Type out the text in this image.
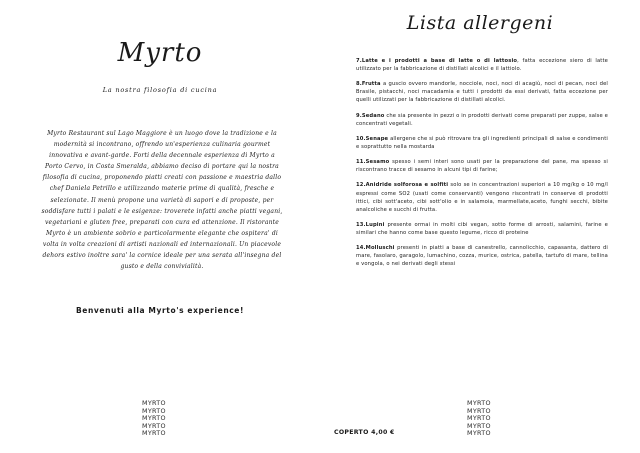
Myrto
La nostra filosofia di cucina
Myrto Restaurant sul Lago Maggiore è un luogo dove la tradizione e la modernità si incontrano, offrendo un'esperienza culinaria gourmet innovativa e avant-garde. Forti della decennale esperienza di Myrto a Porto Cervo, in Costa Smeralda, abbiamo deciso di portare qui la nostra filosofia di cucina, proponendo piatti creati con passione e maestria dallo chef Daniela Petrillo e utilizzando materie prime di qualità, fresche e selezionate. Il menù propone una varietà di sapori e di proposte, per soddisfare tutti i palati e le esigenze: troverete infatti anche piatti vegani, vegetariani e gluten free, preparati con cura ed attenzione. Il ristorante Myrto è un ambiente sobrio e particolarmente elegante che ospitera' di volta in volta creazioni di artisti nazionali ed internazionali. Un piacevole dehors estivo inoltre sara' la cornice ideale per una serata all'insegna del gusto e della convivialità.
Benvenuti alla Myrto's experience!
MYRTO
MYRTO
MYRTO
MYRTO
MYRTO
Lista allergeni
7.Latte e i prodotti a base di latte o di lattosio, fatta eccezione siero di latte utilizzato per la fabbricazione di distillati alcolici e il lattiolo.
8.Frutta a guscio ovvero mandorle, nocciole, noci, noci di acagiù, noci di pecan, noci del Brasile, pistacchi, noci macadamia e tutti i prodotti da essi derivati, fatta eccezione per quelli utilizzati per la fabbricazione di distillati alcolici.
9.Sedano che sia presente in pezzi o in prodotti derivati come preparati per zuppe, salse e concentrati vegetali.
10.Senape allergene che si può ritrovare tra gli ingredienti principali di salse e condimenti e soprattutto nella mostarda
11.Sesamo spesso i semi interi sono usati per la preparazione del pane, ma spesso si riscontrano tracce di sesamo in alcuni tipi di farine;
12.Anidride solforosa e solfiti solo se in concentrazioni superiori a 10 mg/kg o 10 mg/l espressi come SO2 (usati come conservanti) vengono riscontrati in conserve di prodotti ittici, cibi sott'aceto, cibi sott'olio e in salamoia, marmellate,aceto, funghi secchi, bibite analcoliche e succhi di frutta.
13.Lupini presente ormai in molti cibi vegan, sotto forme di arrosti, salamini, farine e similari che hanno come base questo legume, ricco di proteine
14.Molluschi presenti in piatti a base di canestrello, cannolicchio, capasanta, dattero di mare, fasolaro, garagolo, lumachino, cozza, murice, ostrica, patella, tartufo di mare, tellina e vongola, o nei derivati degli stessi
MYRTO
MYRTO
MYRTO
MYRTO
MYRTO
COPERTO 4,00 €
